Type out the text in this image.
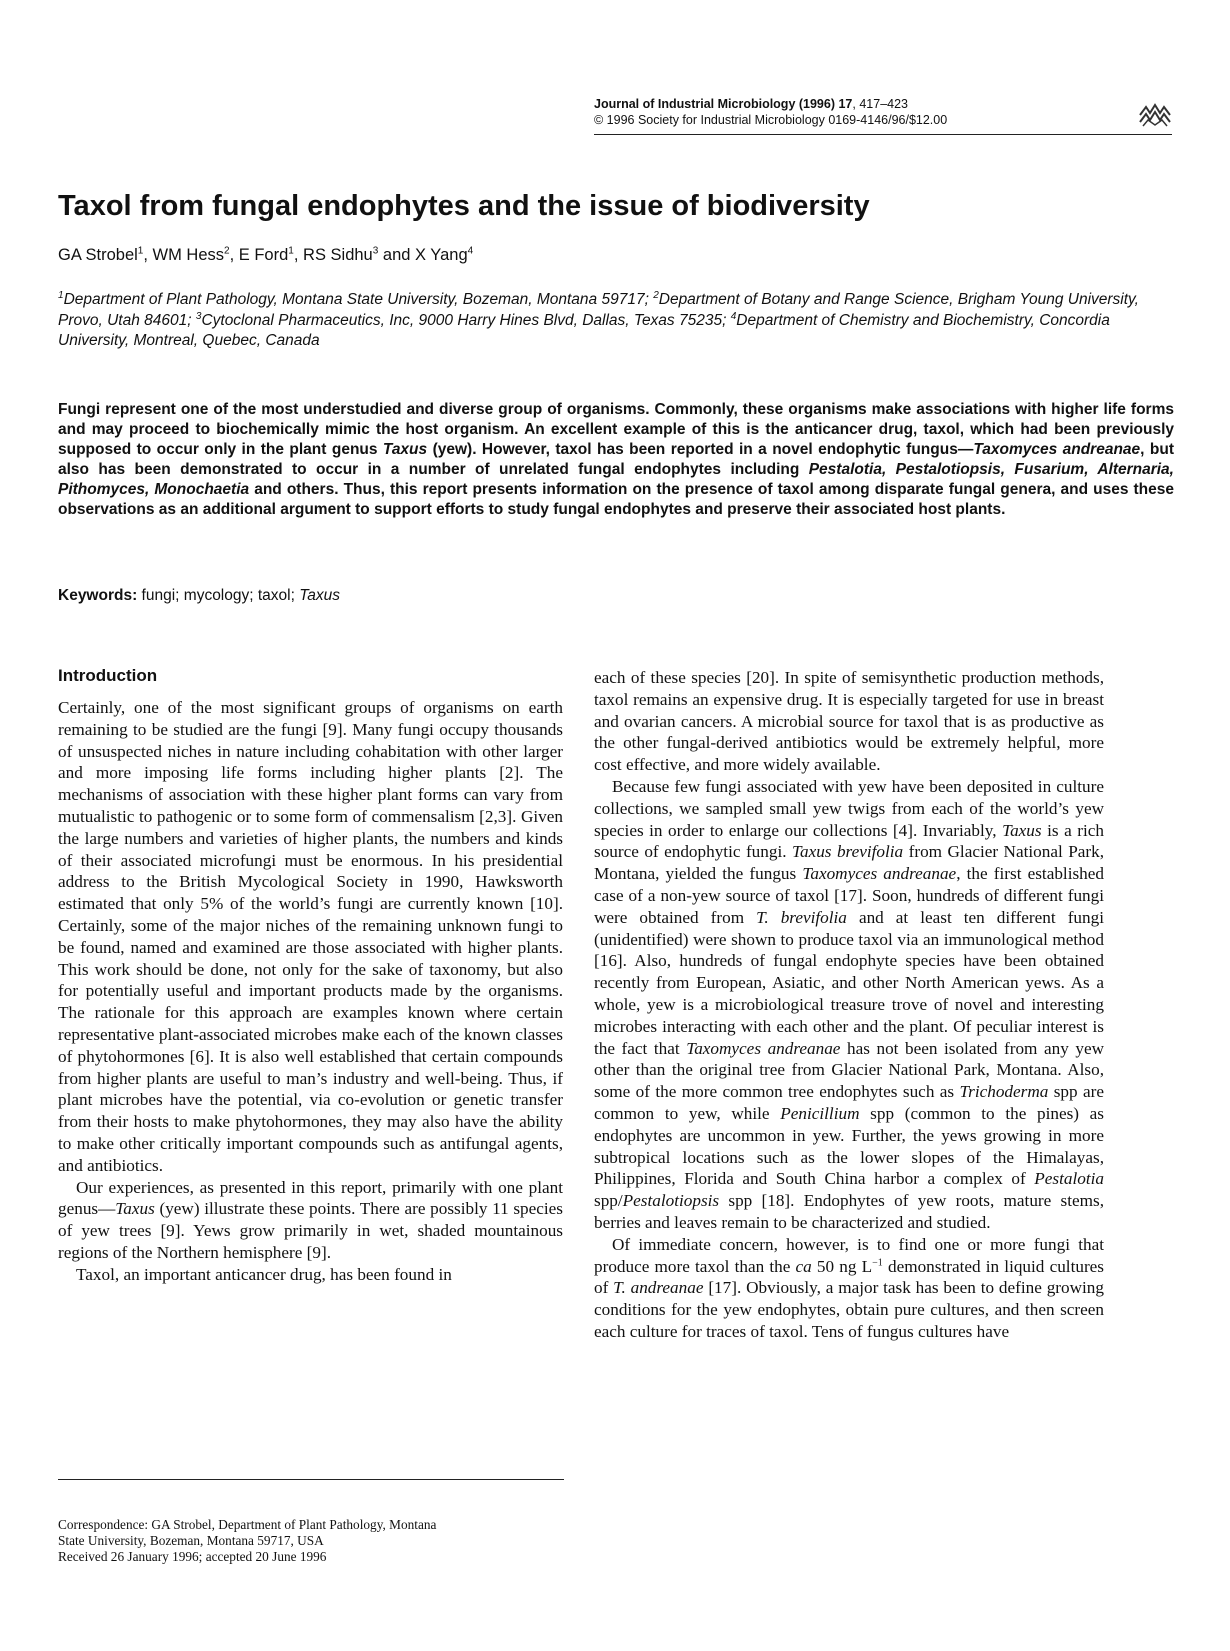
Journal of Industrial Microbiology (1996) 17, 417–423
© 1996 Society for Industrial Microbiology 0169-4146/96/$12.00
Taxol from fungal endophytes and the issue of biodiversity
GA Strobel$^1$, WM Hess$^2$, E Ford$^1$, RS Sidhu$^3$ and X Yang$^4$
$^1$Department of Plant Pathology, Montana State University, Bozeman, Montana 59717; $^2$Department of Botany and Range Science, Brigham Young University, Provo, Utah 84601; $^3$Cytoclonal Pharmaceutics, Inc, 9000 Harry Hines Blvd, Dallas, Texas 75235; $^4$Department of Chemistry and Biochemistry, Concordia University, Montreal, Quebec, Canada
Fungi represent one of the most understudied and diverse group of organisms. Commonly, these organisms make associations with higher life forms and may proceed to biochemically mimic the host organism. An excellent example of this is the anticancer drug, taxol, which had been previously supposed to occur only in the plant genus Taxus (yew). However, taxol has been reported in a novel endophytic fungus—Taxomyces andreanae, but also has been demonstrated to occur in a number of unrelated fungal endophytes including Pestalotia, Pestalotiopsis, Fusarium, Alternaria, Pithomyces, Monochaetia and others. Thus, this report presents information on the presence of taxol among disparate fungal genera, and uses these observations as an additional argument to support efforts to study fungal endophytes and preserve their associated host plants.
Keywords: fungi; mycology; taxol; Taxus
Introduction

Certainly, one of the most significant groups of organisms on earth remaining to be studied are the fungi [9]. Many fungi occupy thousands of unsuspected niches in nature including cohabitation with other larger and more imposing life forms including higher plants [2]. The mechanisms of association with these higher plant forms can vary from mutualistic to pathogenic or to some form of commensalism [2,3]. Given the large numbers and varieties of higher plants, the numbers and kinds of their associated microfungi must be enormous. In his presidential address to the British Mycological Society in 1990, Hawksworth estimated that only 5% of the world’s fungi are currently known [10]. Certainly, some of the major niches of the remaining unknown fungi to be found, named and examined are those associated with higher plants. This work should be done, not only for the sake of taxonomy, but also for potentially useful and important products made by the organisms. The rationale for this approach are examples known where certain representative plant-associated microbes make each of the known classes of phytohormones [6]. It is also well established that certain compounds from higher plants are useful to man’s industry and well-being. Thus, if plant microbes have the potential, via co-evolution or genetic transfer from their hosts to make phytohormones, they may also have the ability to make other critically important compounds such as antifungal agents, and antibiotics.

Our experiences, as presented in this report, primarily with one plant genus—Taxus (yew) illustrate these points. There are possibly 11 species of yew trees [9]. Yews grow primarily in wet, shaded mountainous regions of the Northern hemisphere [9].

Taxol, an important anticancer drug, has been found in

Correspondence: GA Strobel, Department of Plant Pathology, Montana
State University, Bozeman, Montana 59717, USA
Received 26 January 1996; accepted 20 June 1996

each of these species [20]. In spite of semisynthetic production methods, taxol remains an expensive drug. It is especially targeted for use in breast and ovarian cancers. A microbial source for taxol that is as productive as the other fungal-derived antibiotics would be extremely helpful, more cost effective, and more widely available.

Because few fungi associated with yew have been deposited in culture collections, we sampled small yew twigs from each of the world’s yew species in order to enlarge our collections [4]. Invariably, Taxus is a rich source of endophytic fungi. Taxus brevifolia from Glacier National Park, Montana, yielded the fungus Taxomyces andreanae, the first established case of a non-yew source of taxol [17]. Soon, hundreds of different fungi were obtained from T. brevifolia and at least ten different fungi (unidentified) were shown to produce taxol via an immunological method [16]. Also, hundreds of fungal endophyte species have been obtained recently from European, Asiatic, and other North American yews. As a whole, yew is a microbiological treasure trove of novel and interesting microbes interacting with each other and the plant. Of peculiar interest is the fact that Taxomyces andreanae has not been isolated from any yew other than the original tree from Glacier National Park, Montana. Also, some of the more common tree endophytes such as Trichoderma spp are common to yew, while Penicillium spp (common to the pines) as endophytes are uncommon in yew. Further, the yews growing in more subtropical locations such as the lower slopes of the Himalayas, Philippines, Florida and South China harbor a complex of Pestalotia spp/Pestalotiopsis spp [18]. Endophytes of yew roots, mature stems, berries and leaves remain to be characterized and studied.

Of immediate concern, however, is to find one or more fungi that produce more taxol than the ca 50 ng $L^{-1}$ demonstrated in liquid cultures of T. andreanae [17]. Obviously, a major task has been to define growing conditions for the yew endophytes, obtain pure cultures, and then screen each culture for traces of taxol. Tens of fungus cultures have
